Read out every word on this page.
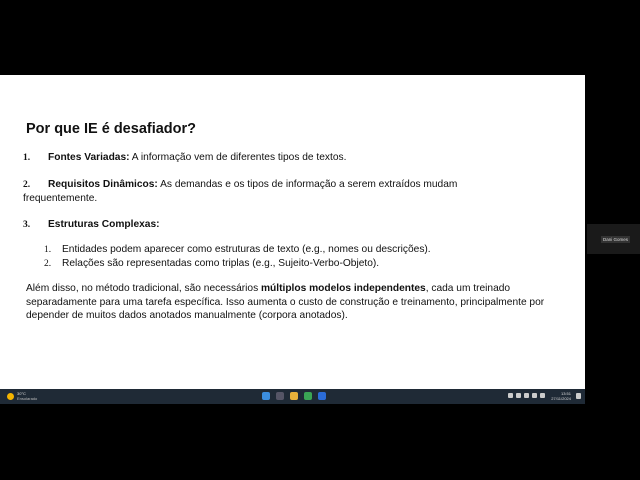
Por que IE é desafiador?
1. Fontes Variadas: A informação vem de diferentes tipos de textos.
2. Requisitos Dinâmicos: As demandas e os tipos de informação a serem extraídos mudam
frequentemente.
3. Estruturas Complexas:
1. Entidades podem aparecer como estruturas de texto (e.g., nomes ou descrições).
2. Relações são representadas como triplas (e.g., Sujeito-Verbo-Objeto).
Além disso, no método tradicional, são necessários múltiplos modelos independentes, cada um treinado separadamente para uma tarefa específica. Isso aumenta o custo de construção e treinamento, principalmente por depender de muitos dados anotados manualmente (corpora anotados).
Dani Gomes
30°C
Ensolarado
13:51
27/11/2024
